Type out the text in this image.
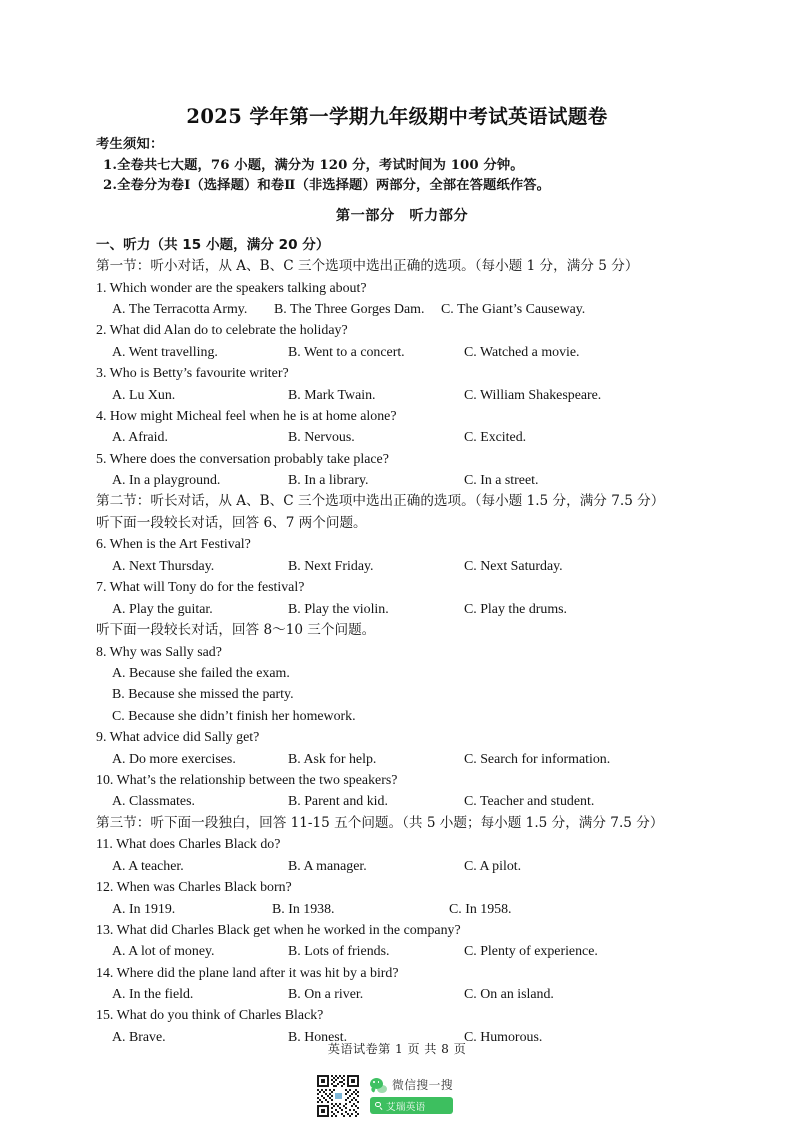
2025 学年第一学期九年级期中考试英语试题卷
考生须知：
1.全卷共七大题，76 小题，满分为 120 分，考试时间为 100 分钟。
2.全卷分为卷Ⅰ（选择题）和卷Ⅱ（非选择题）两部分，全部在答题纸作答。
第一部分　听力部分
一、听力（共 15 小题，满分 20 分）
第一节：听小对话，从 A、B、C 三个选项中选出正确的选项。（每小题 1 分，满分 5 分）
1. Which wonder are the speakers talking about?
A. The Terracotta Army. B. The Three Gorges Dam. C. The Giant’s Causeway.
2. What did Alan do to celebrate the holiday?
A. Went travelling.	B. Went to a concert.	C. Watched a movie.
3. Who is Betty’s favourite writer?
A. Lu Xun.	B. Mark Twain.	C. William Shakespeare.
4. How might Micheal feel when he is at home alone?
A. Afraid.	B. Nervous.	C. Excited.
5. Where does the conversation probably take place?
A. In a playground.	B. In a library.	C. In a street.
第二节：听长对话，从 A、B、C 三个选项中选出正确的选项。（每小题 1.5 分，满分 7.5 分）
听下面一段较长对话，回答 6、7 两个问题。
6. When is the Art Festival?
A. Next Thursday.	B. Next Friday.	C. Next Saturday.
7. What will Tony do for the festival?
A. Play the guitar.	B. Play the violin.	C. Play the drums.
听下面一段较长对话，回答 8～10 三个问题。
8. Why was Sally sad?
A. Because she failed the exam.
B. Because she missed the party.
C. Because she didn’t finish her homework.
9. What advice did Sally get?
A. Do more exercises.	B. Ask for help.	C. Search for information.
10. What’s the relationship between the two speakers?
A. Classmates.	B. Parent and kid.	C. Teacher and student.
第三节：听下面一段独白，回答 11-15 五个问题。（共 5 小题；每小题 1.5 分，满分 7.5 分）
11. What does Charles Black do?
A. A teacher.	B. A manager.	C. A pilot.
12. When was Charles Black born?
A. In 1919.	B. In 1938.	C. In 1958.
13. What did Charles Black get when he worked in the company?
A. A lot of money.	B. Lots of friends.	C. Plenty of experience.
14. Where did the plane land after it was hit by a bird?
A. In the field.	B. On a river.	C. On an island.
15. What do you think of Charles Black?
A. Brave.	B. Honest.	C. Humorous.
英语试卷第 1 页 共 8 页
微信搜一搜
艾瑞英语
